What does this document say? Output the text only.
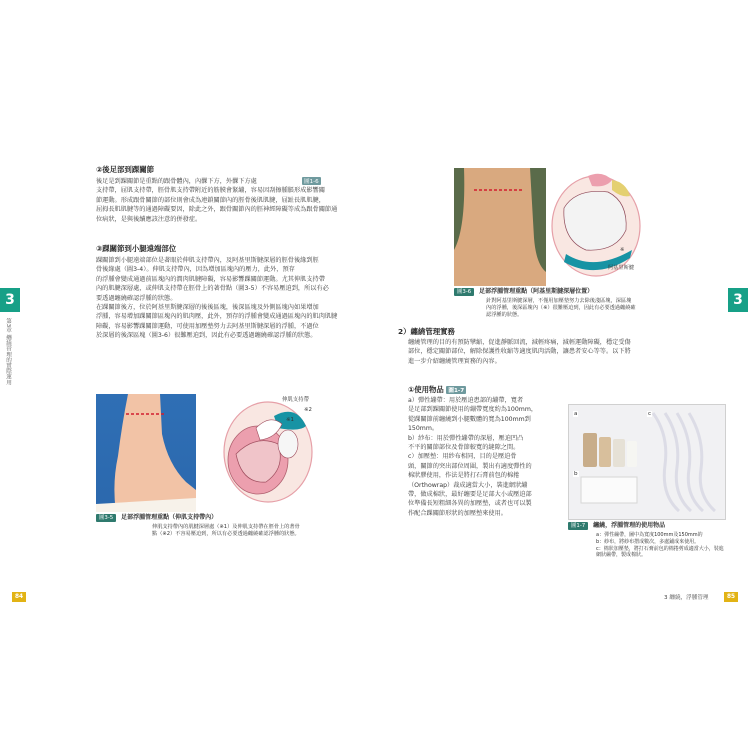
②後足部到踝關節
後足是到踝關節是重點的跟骨體內，內髁下方，外髁下方處
支持帶，屈肌支持帶，脛骨肌支持帶附近的筋膜會緊繃，容易因刮擦腫脹形成影響關
節運動。形成跟骨關節的部位則會成為連鎖關節內的脛骨後肌肌腱，屈趾長肌肌腱，
屈拇長肌肌腱等的通過障礙要因，除此之外，跟骨關節內的脛神經障礙等成為跟骨關節通
位病狀，是與後續應該注意的併發症。
圖1-6
③踝關節到小腿遠端部位
踝關節到小腿遠端部位是著眼於伸肌支持帶內，及阿基里斯腱深層的脛骨後緣到脛
骨後緣處（圖3-4）。伸肌支持帶內，因為增加區塊內的壓力，此外，預存
的浮腫會變成通過前區塊內的潤肉肌腱障礙，容易影響踝關節運動。尤其伸肌支持帶
內的肌腱深層處，或伸肌支持帶在脛骨上的著骨點（圖3-5）不容易壓迫到，所以有必
要透過纏繞確認浮腫的狀態。
在踝關節後方，位於阿基里斯腱深層的後後區塊，後深區塊及外側區塊內如果增加
浮腫，容易增加踝關節區塊內的肌肉壓，此外，預存的浮腫會變成通過區塊內的肌肉肌腱
障礙，容易影響踝關節運動，可使用加壓墊努力去阿基里斯腱深層的浮腫，不過位
於深層的後深區塊（圖3-6）很難壓迫到，因此有必要透過纏繞確認浮腫的狀態。
伸肌支持帶
※2
※1
圖3-5 足部浮腫管理重點（伸肌支持帶內）
伸肌支持帶內的肌腱深層處（※1）及伸肌支持帶在脛骨上的著骨點（※2）不容易壓迫到，所以有必要透過纏繞確認浮腫的狀態。
84
3
第3章 纏繞管理的實際運用
※
阿基里斯腱
圖3-6 足部浮腫管理重點（阿基里斯腱深層位置）
針對阿基里斯腱深層，不僅用加壓墊努力去除後淺區塊，深區塊內的浮腫，後深區塊內（※）很難壓迫到，因此有必要透過纏繞確認浮腫的狀態。
2）纏繞管理實務
纏繞管理的目的有預防攣縮，促進靜脈回流，減輕疼痛，減輕運動障礙，穩定受傷
部位，穩定關節部位，解除保護性收縮等適度肌肉活動，讓患者安心等等。以下將
進一步介紹纏繞管理實務的內容。
①使用物品 圖1-7
a）彈性繃帶：用於壓迫患部的繃帶，寬者
是足部到踝關節使用的繃帶寬度約為100mm，
從踝關節前纏繞到小腿數體的寬為100mm到
150mm。
b）紗布：用於彈性繃帶的深層，壓迫凹凸
不平的關節部位及骨節較寬的縫隙之間。
c）加壓墊：用紗布相同，目的是壓迫骨
頭，關節的突出部位周圍，製出有適度彈性的
棉狀膠使用，作法是將打石膏前包的棉捲
（Orthowrap）裁成適當大小，裝進網狀繃
帶，做成棉狀，最好纏要是足部大小或壓迫部
位準備長短粗細各異的加壓墊，或者也可以製
作配合踝關節形狀的加壓墊來使用。
a
b
c
圖1-7 纏繞，浮腫管理的使用物品
a：彈性繃帶，圖中為寬度100mm及150mm的
b：紗布，將紗布摺成數次，多處鋪成來使用。
c：棉狀加壓墊，將打石膏前包的棉捲剪成適當大小，裝進網狀繃帶，製成棉狀。
3 纏繞，浮腫管理	85
3
